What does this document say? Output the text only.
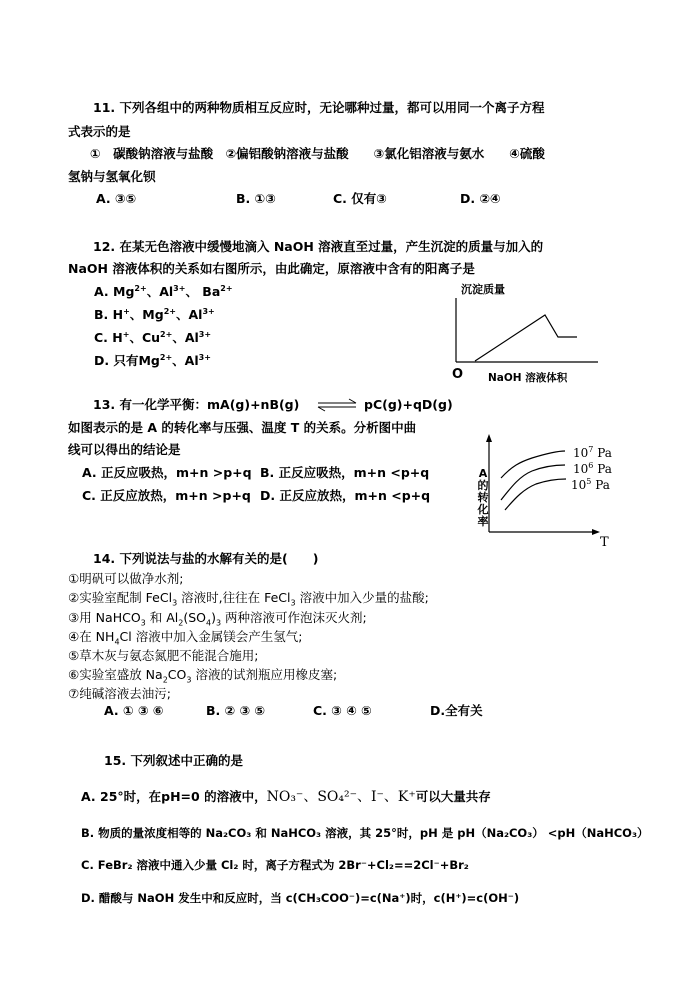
11. 下列各组中的两种物质相互反应时，无论哪种过量，都可以用同一个离子方程
式表示的是
①　碳酸钠溶液与盐酸　②偏铝酸钠溶液与盐酸　　③氯化铝溶液与氨水　　④硫酸
氢钠与氢氧化钡
A. ③⑤	B. ①③	C. 仅有③	D. ②④
12. 在某无色溶液中缓慢地滴入 NaOH 溶液直至过量，产生沉淀的质量与加入的
NaOH 溶液体积的关系如右图所示，由此确定，原溶液中含有的阳离子是
A. $Mg^{2+}$、$Al^{3+}$、 $Ba^{2+}$
B. H+、$Mg^{2+}$、$Al^{3+}$
C. H+、$Cu^{2+}$、$Al^{3+}$
D. 只有$Mg^{2+}$、$Al^{3+}$
沉淀质量
O NaOH 溶液体积
13. 有一化学平衡：mA(g)+nB(g)	pC(g)+qD(g)
如图表示的是 A 的转化率与压强、温度 T 的关系。分析图中曲
线可以得出的结论是
A. 正反应吸热，m+n >p+q B. 正反应吸热，m+n <p+q
C. 正反应放热，m+n >p+q D. 正反应放热，m+n <p+q
A
的
转
化
率
T
$10^7$ Pa
$10^6$ Pa
$10^5$ Pa
14. 下列说法与盐的水解有关的是(　　)
①明矾可以做净水剂;
②实验室配制 FeCl$_3$ 溶液时,往往在 FeCl$_3$ 溶液中加入少量的盐酸;
③用 NaHCO$_3$ 和 $Al_2(SO_4)_3$ 两种溶液可作泡沫灭火剂;
④在 $NH_4Cl$ 溶液中加入金属镁会产生氢气;
⑤草木灰与氨态氮肥不能混合施用;
⑥实验室盛放 $Na_2CO_3$ 溶液的试剂瓶应用橡皮塞;
⑦纯碱溶液去油污;
A. ① ③ ⑥	B. ② ③ ⑤	C. ③ ④ ⑤	D.全有关
15. 下列叙述中正确的是
A. 25°时，在pH=0 的溶液中，NO₃⁻、SO₄²⁻、I⁻、K⁺可以大量共存
B. 物质的量浓度相等的 Na₂CO₃ 和 NaHCO₃ 溶液，其 25°时，pH 是 pH（Na₂CO₃） <pH（NaHCO₃）
C. FeBr₂ 溶液中通入少量 Cl₂ 时，离子方程式为 2Br⁻+Cl₂==2Cl⁻+Br₂
D. 醋酸与 NaOH 发生中和反应时，当 c(CH₃COO⁻)=c(Na⁺)时，c(H⁺)=c(OH⁻)
